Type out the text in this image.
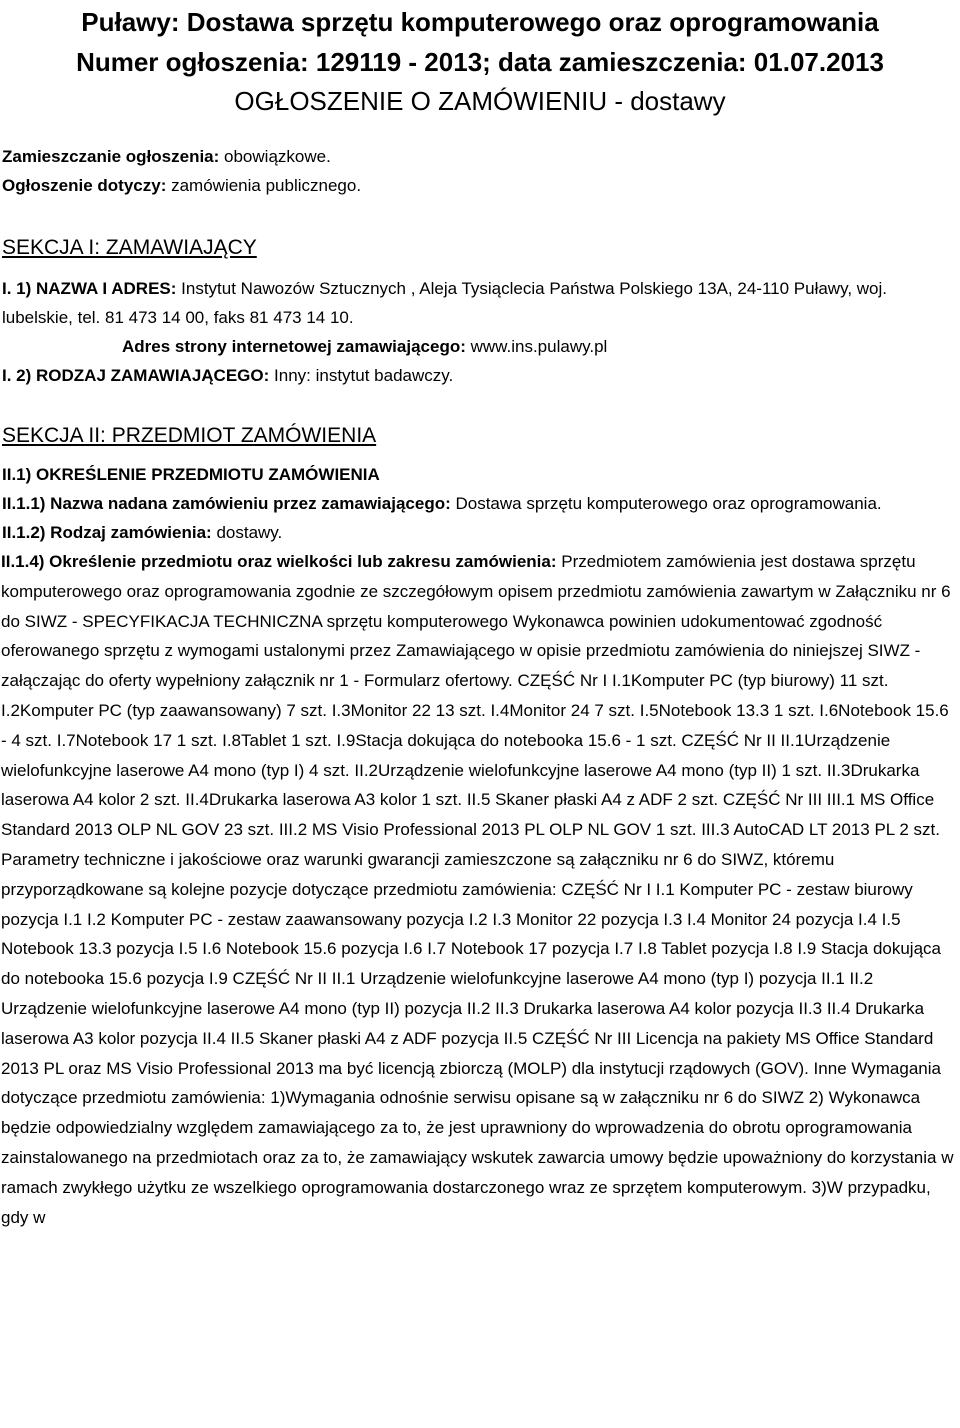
Puławy: Dostawa sprzętu komputerowego oraz oprogramowania
Numer ogłoszenia: 129119 - 2013; data zamieszczenia: 01.07.2013
OGŁOSZENIE O ZAMÓWIENIU - dostawy
Zamieszczanie ogłoszenia: obowiązkowe.
Ogłoszenie dotyczy: zamówienia publicznego.
SEKCJA I: ZAMAWIAJĄCY
I. 1) NAZWA I ADRES: Instytut Nawozów Sztucznych , Aleja Tysiąclecia Państwa Polskiego 13A, 24-110 Puławy, woj. lubelskie, tel. 81 473 14 00, faks 81 473 14 10.
Adres strony internetowej zamawiającego: www.ins.pulawy.pl
I. 2) RODZAJ ZAMAWIAJĄCEGO: Inny: instytut badawczy.
SEKCJA II: PRZEDMIOT ZAMÓWIENIA
II.1) OKREŚLENIE PRZEDMIOTU ZAMÓWIENIA
II.1.1) Nazwa nadana zamówieniu przez zamawiającego: Dostawa sprzętu komputerowego oraz oprogramowania.
II.1.2) Rodzaj zamówienia: dostawy.
II.1.4) Określenie przedmiotu oraz wielkości lub zakresu zamówienia: Przedmiotem zamówienia jest dostawa sprzętu komputerowego oraz oprogramowania zgodnie ze szczegółowym opisem przedmiotu zamówienia zawartym w Załączniku nr 6 do SIWZ - SPECYFIKACJA TECHNICZNA sprzętu komputerowego Wykonawca powinien udokumentować zgodność oferowanego sprzętu z wymogami ustalonymi przez Zamawiającego w opisie przedmiotu zamówienia do niniejszej SIWZ - załączając do oferty wypełniony załącznik nr 1 - Formularz ofertowy. CZĘŚĆ Nr I I.1Komputer PC (typ biurowy) 11 szt. I.2Komputer PC (typ zaawansowany) 7 szt. I.3Monitor 22 13 szt. I.4Monitor 24 7 szt. I.5Notebook 13.3 1 szt. I.6Notebook 15.6 - 4 szt. I.7Notebook 17 1 szt. I.8Tablet 1 szt. I.9Stacja dokująca do notebooka 15.6 - 1 szt. CZĘŚĆ Nr II II.1Urządzenie wielofunkcyjne laserowe A4 mono (typ I) 4 szt. II.2Urządzenie wielofunkcyjne laserowe A4 mono (typ II) 1 szt. II.3Drukarka laserowa A4 kolor 2 szt. II.4Drukarka laserowa A3 kolor 1 szt. II.5 Skaner płaski A4 z ADF 2 szt. CZĘŚĆ Nr III III.1 MS Office Standard 2013 OLP NL GOV 23 szt. III.2 MS Visio Professional 2013 PL OLP NL GOV 1 szt. III.3 AutoCAD LT 2013 PL 2 szt. Parametry techniczne i jakościowe oraz warunki gwarancji zamieszczone są załączniku nr 6 do SIWZ, któremu przyporządkowane są kolejne pozycje dotyczące przedmiotu zamówienia: CZĘŚĆ Nr I I.1 Komputer PC - zestaw biurowy pozycja I.1 I.2 Komputer PC - zestaw zaawansowany pozycja I.2 I.3 Monitor 22 pozycja I.3 I.4 Monitor 24 pozycja I.4 I.5 Notebook 13.3 pozycja I.5 I.6 Notebook 15.6 pozycja I.6 I.7 Notebook 17 pozycja I.7 I.8 Tablet pozycja I.8 I.9 Stacja dokująca do notebooka 15.6 pozycja I.9 CZĘŚĆ Nr II II.1 Urządzenie wielofunkcyjne laserowe A4 mono (typ I) pozycja II.1 II.2 Urządzenie wielofunkcyjne laserowe A4 mono (typ II) pozycja II.2 II.3 Drukarka laserowa A4 kolor pozycja II.3 II.4 Drukarka laserowa A3 kolor pozycja II.4 II.5 Skaner płaski A4 z ADF pozycja II.5 CZĘŚĆ Nr III Licencja na pakiety MS Office Standard 2013 PL oraz MS Visio Professional 2013 ma być licencją zbiorczą (MOLP) dla instytucji rządowych (GOV). Inne Wymagania dotyczące przedmiotu zamówienia: 1)Wymagania odnośnie serwisu opisane są w załączniku nr 6 do SIWZ 2) Wykonawca będzie odpowiedzialny względem zamawiającego za to, że jest uprawniony do wprowadzenia do obrotu oprogramowania zainstalowanego na przedmiotach oraz za to, że zamawiający wskutek zawarcia umowy będzie upoważniony do korzystania w ramach zwykłego użytku ze wszelkiego oprogramowania dostarczonego wraz ze sprzętem komputerowym. 3)W przypadku, gdy w
